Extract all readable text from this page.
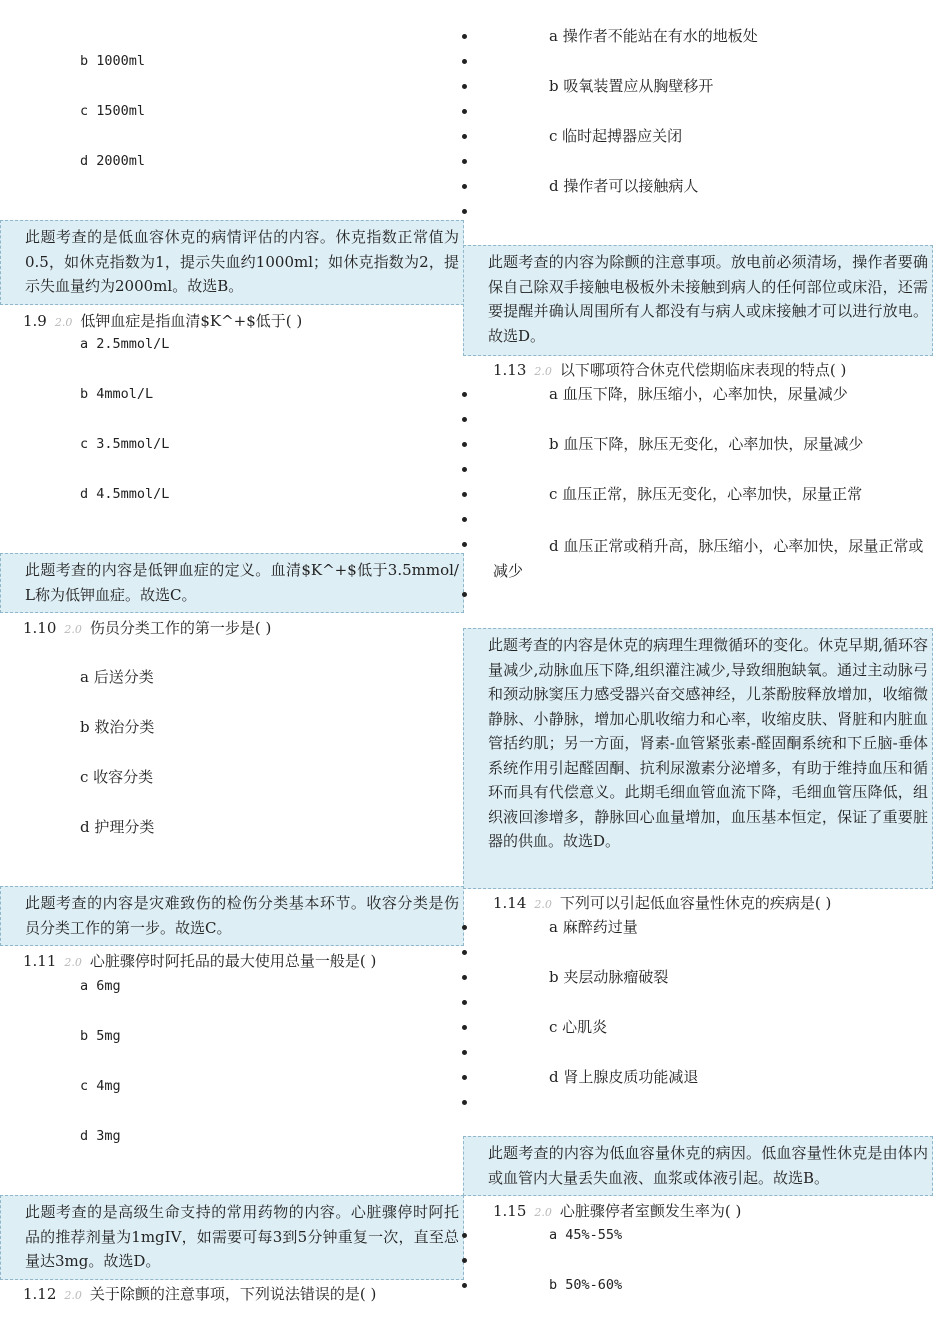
b 1000ml
c 1500ml
d 2000ml
此题考查的是低血容休克的病情评估的内容。休克指数正常值为0.5，如休克指数为1，提示失血约1000ml；如休克指数为2，提示失血量约为2000ml。故选B。
1.9 2.0 低钾血症是指血清$K^+$低于( )
a 2.5mmol/L
b 4mmol/L
c 3.5mmol/L
d 4.5mmol/L
此题考查的内容是低钾血症的定义。血清$K^+$低于3.5mmol/L称为低钾血症。故选C。
1.10 2.0 伤员分类工作的第一步是( )
a 后送分类
b 救治分类
c 收容分类
d 护理分类
此题考查的内容是灾难致伤的检伤分类基本环节。收容分类是伤员分类工作的第一步。故选C。
1.11 2.0 心脏骤停时阿托品的最大使用总量一般是( )
a 6mg
b 5mg
c 4mg
d 3mg
此题考查的是高级生命支持的常用药物的内容。心脏骤停时阿托品的推荐剂量为1mgIV，如需要可每3到5分钟重复一次，直至总量达3mg。故选D。
1.12 2.0 关于除颤的注意事项，下列说法错误的是( )
a 操作者不能站在有水的地板处
b 吸氧装置应从胸壁移开
c 临时起搏器应关闭
d 操作者可以接触病人
此题考查的内容为除颤的注意事项。放电前必须清场，操作者要确保自己除双手接触电极板外未接触到病人的任何部位或床沿，还需要提醒并确认周围所有人都没有与病人或床接触才可以进行放电。故选D。
1.13 2.0 以下哪项符合休克代偿期临床表现的特点( )
a 血压下降，脉压缩小，心率加快，尿量减少
b 血压下降，脉压无变化，心率加快，尿量减少
c 血压正常，脉压无变化，心率加快，尿量正常
d 血压正常或稍升高，脉压缩小，心率加快，尿量正常或减少
此题考查的内容是休克的病理生理微循环的变化。休克早期,循环容量减少,动脉血压下降,组织灌注减少,导致细胞缺氧。通过主动脉弓和颈动脉窦压力感受器兴奋交感神经，儿茶酚胺释放增加，收缩微静脉、小静脉，增加心肌收缩力和心率，收缩皮肤、肾脏和内脏血管括约肌；另一方面，肾素-血管紧张素-醛固酮系统和下丘脑-垂体系统作用引起醛固酮、抗利尿激素分泌增多，有助于维持血压和循环而具有代偿意义。此期毛细血管血流下降，毛细血管压降低，组织液回渗增多，静脉回心血量增加，血压基本恒定，保证了重要脏器的供血。故选D。
1.14 2.0 下列可以引起低血容量性休克的疾病是( )
a 麻醉药过量
b 夹层动脉瘤破裂
c 心肌炎
d 肾上腺皮质功能减退
此题考查的内容为低血容量休克的病因。低血容量性休克是由体内或血管内大量丢失血液、血浆或体液引起。故选B。
1.15 2.0 心脏骤停者室颤发生率为( )
a 45%-55%
b 50%-60%
